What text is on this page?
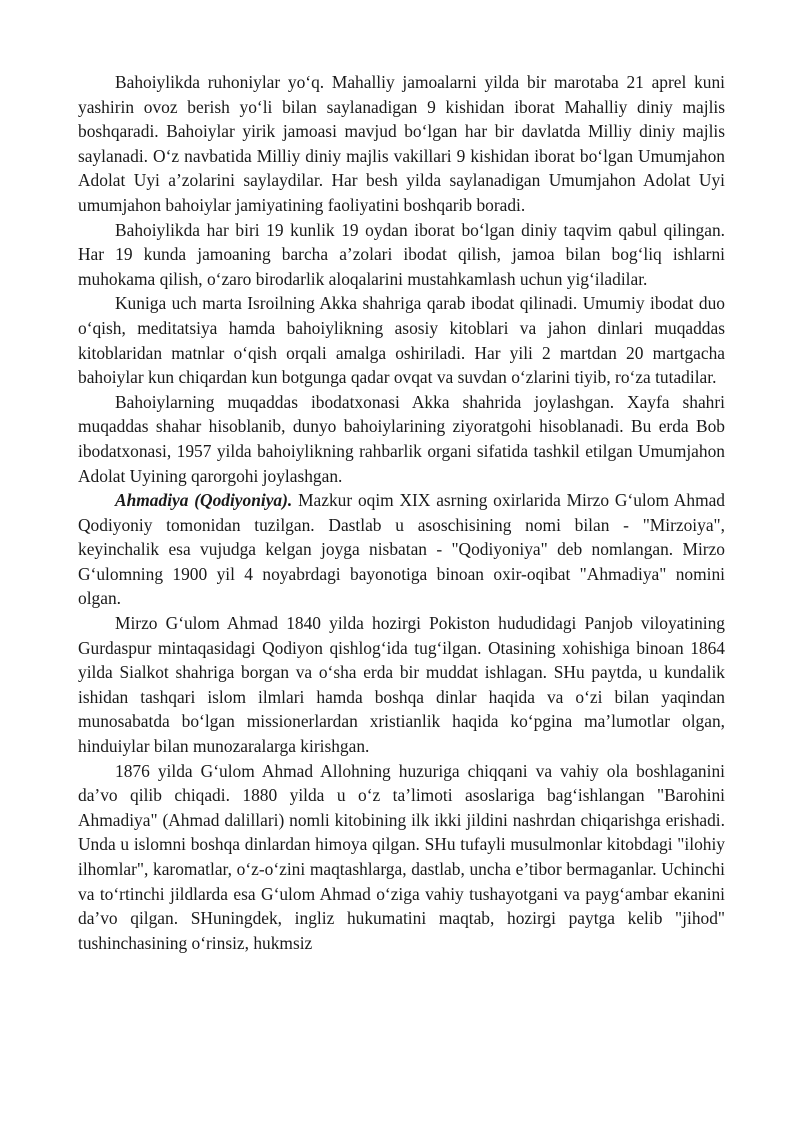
Bahoiylikda ruhoniylar yo‘q. Mahalliy jamoalarni yilda bir marotaba 21 aprel kuni yashirin ovoz berish yo‘li bilan saylanadigan 9 kishidan iborat Mahalliy diniy majlis boshqaradi. Bahoiylar yirik jamoasi mavjud bo‘lgan har bir davlatda Milliy diniy majlis saylanadi. O‘z navbatida Milliy diniy majlis vakillari 9 kishidan iborat bo‘lgan Umumjahon Adolat Uyi a’zolarini saylaydilar. Har besh yilda saylanadigan Umumjahon Adolat Uyi umumjahon bahoiylar jamiyatining faoliyatini boshqarib boradi.

Bahoiylikda har biri 19 kunlik 19 oydan iborat bo‘lgan diniy taqvim qabul qilingan. Har 19 kunda jamoaning barcha a’zolari ibodat qilish, jamoa bilan bog‘liq ishlarni muhokama qilish, o‘zaro birodarlik aloqalarini mustahkamlash uchun yig‘iladilar.

Kuniga uch marta Isroilning Akka shahriga qarab ibodat qilinadi. Umumiy ibodat duo o‘qish, meditatsiya hamda bahoiylikning asosiy kitoblari va jahon dinlari muqaddas kitoblaridan matnlar o‘qish orqali amalga oshiriladi. Har yili 2 martdan 20 martgacha bahoiylar kun chiqardan kun botgunga qadar ovqat va suvdan o‘zlarini tiyib, ro‘za tutadilar.

Bahoiylarning muqaddas ibodatxonasi Akka shahrida joylashgan. Xayfa shahri muqaddas shahar hisoblanib, dunyo bahoiylarining ziyoratgohi hisoblanadi. Bu erda Bob ibodatxonasi, 1957 yilda bahoiylikning rahbarlik organi sifatida tashkil etilgan Umumjahon Adolat Uyining qarorgohi joylashgan.

Ahmadiya (Qodiyoniya). Mazkur oqim XIX asrning oxirlarida Mirzo G‘ulom Ahmad Qodiyoniy tomonidan tuzilgan. Dastlab u asoschisining nomi bilan - "Mirzoiya", keyinchalik esa vujudga kelgan joyga nisbatan - "Qodiyoniya" deb nomlangan. Mirzo G‘ulomning 1900 yil 4 noyabrdagi bayonotiga binoan oxir-oqibat "Ahmadiya" nomini olgan.

Mirzo G‘ulom Ahmad 1840 yilda hozirgi Pokiston hududidagi Panjob viloyatining Gurdaspur mintaqasidagi Qodiyon qishlog‘ida tug‘ilgan. Otasining xohishiga binoan 1864 yilda Sialkot shahriga borgan va o‘sha erda bir muddat ishlagan. SHu paytda, u kundalik ishidan tashqari islom ilmlari hamda boshqa dinlar haqida va o‘zi bilan yaqindan munosabatda bo‘lgan missionerlardan xristianlik haqida ko‘pgina ma’lumotlar olgan, hinduiylar bilan munozaralarga kirishgan.

1876 yilda G‘ulom Ahmad Allohning huzuriga chiqqani va vahiy ola boshlaganini da’vo qilib chiqadi. 1880 yilda u o‘z ta’limoti asoslariga bag‘ishlangan "Barohini Ahmadiya" (Ahmad dalillari) nomli kitobining ilk ikki jildini nashrdan chiqarishga erishadi. Unda u islomni boshqa dinlardan himoya qilgan. SHu tufayli musulmonlar kitobdagi "ilohiy ilhomlar", karomatlar, o‘z-o‘zini maqtashlarga, dastlab, uncha e’tibor bermaganlar. Uchinchi va to‘rtinchi jildlarda esa G‘ulom Ahmad o‘ziga vahiy tushayotgani va payg‘ambar ekanini da’vo qilgan. SHuningdek, ingliz hukumatini maqtab, hozirgi paytga kelib "jihod" tushinchasining o‘rinsiz, hukmsiz
